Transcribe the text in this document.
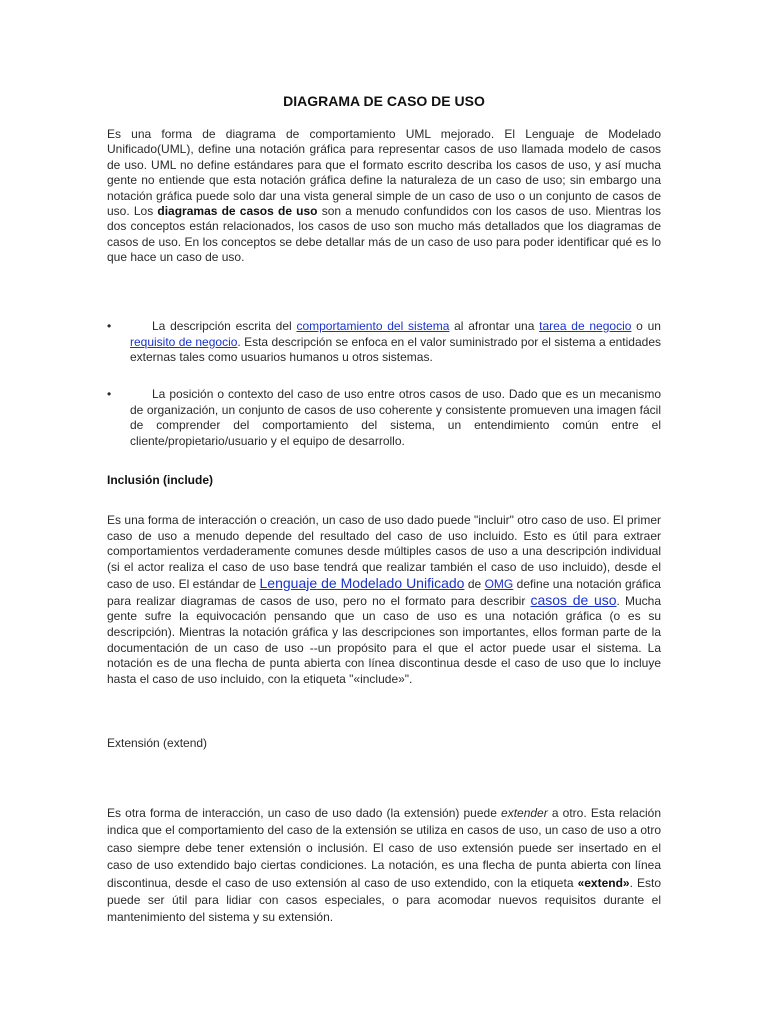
DIAGRAMA DE CASO DE USO
Es una forma de diagrama de comportamiento UML mejorado. El Lenguaje de Modelado Unificado(UML), define una notación gráfica para representar casos de uso llamada modelo de casos de uso. UML no define estándares para que el formato escrito describa los casos de uso, y así mucha gente no entiende que esta notación gráfica define la naturaleza de un caso de uso; sin embargo una notación gráfica puede solo dar una vista general simple de un caso de uso o un conjunto de casos de uso. Los diagramas de casos de uso son a menudo confundidos con los casos de uso. Mientras los dos conceptos están relacionados, los casos de uso son mucho más detallados que los diagramas de casos de uso. En los conceptos se debe detallar más de un caso de uso para poder identificar qué es lo que hace un caso de uso.
•	La descripción escrita del comportamiento del sistema al afrontar una tarea de negocio o un requisito de negocio. Esta descripción se enfoca en el valor suministrado por el sistema a entidades externas tales como usuarios humanos u otros sistemas.
•	La posición o contexto del caso de uso entre otros casos de uso. Dado que es un mecanismo de organización, un conjunto de casos de uso coherente y consistente promueven una imagen fácil de comprender del comportamiento del sistema, un entendimiento común entre el cliente/propietario/usuario y el equipo de desarrollo.
Inclusión (include)
Es una forma de interacción o creación, un caso de uso dado puede "incluir" otro caso de uso. El primer caso de uso a menudo depende del resultado del caso de uso incluido. Esto es útil para extraer comportamientos verdaderamente comunes desde múltiples casos de uso a una descripción individual (si el actor realiza el caso de uso base tendrá que realizar también el caso de uso incluido), desde el caso de uso. El estándar de Lenguaje de Modelado Unificado de OMG define una notación gráfica para realizar diagramas de casos de uso, pero no el formato para describir casos de uso. Mucha gente sufre la equivocación pensando que un caso de uso es una notación gráfica (o es su descripción). Mientras la notación gráfica y las descripciones son importantes, ellos forman parte de la documentación de un caso de uso --un propósito para el que el actor puede usar el sistema. La notación es de una flecha de punta abierta con línea discontinua desde el caso de uso que lo incluye hasta el caso de uso incluido, con la etiqueta "«include»".
Extensión (extend)
Es otra forma de interacción, un caso de uso dado (la extensión) puede extender a otro. Esta relación indica que el comportamiento del caso de la extensión se utiliza en casos de uso, un caso de uso a otro caso siempre debe tener extensión o inclusión. El caso de uso extensión puede ser insertado en el caso de uso extendido bajo ciertas condiciones. La notación, es una flecha de punta abierta con línea discontinua, desde el caso de uso extensión al caso de uso extendido, con la etiqueta «extend». Esto puede ser útil para lidiar con casos especiales, o para acomodar nuevos requisitos durante el mantenimiento del sistema y su extensión.
